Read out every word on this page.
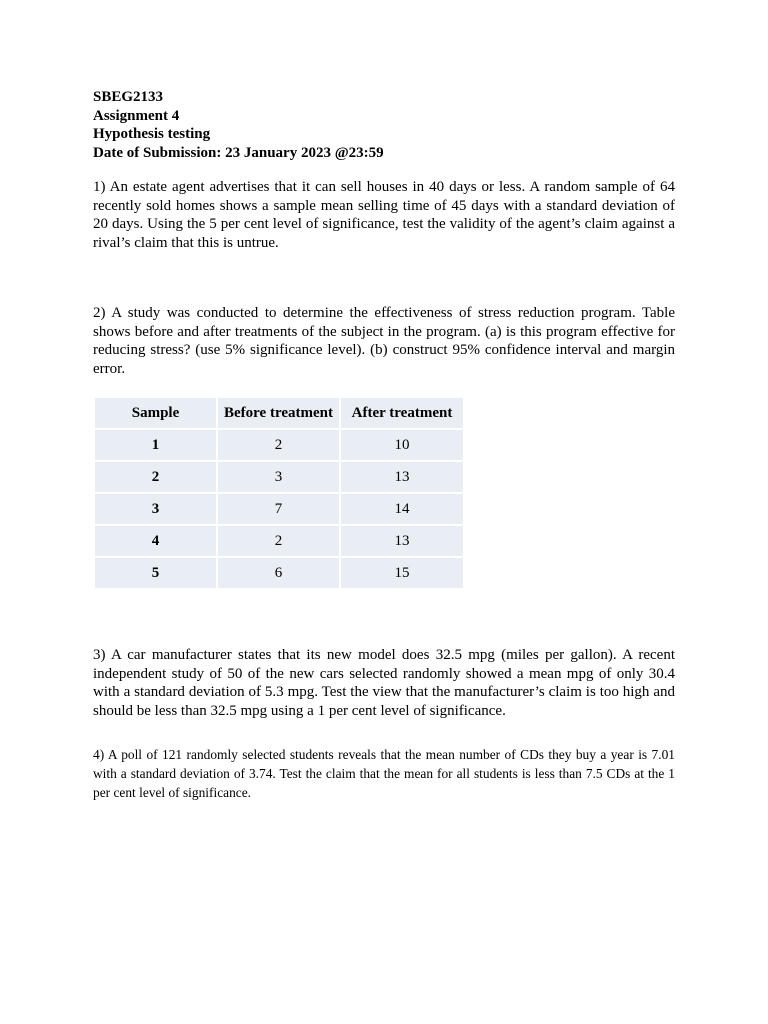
SBEG2133
Assignment 4
Hypothesis testing
Date of Submission: 23 January 2023 @23:59
1) An estate agent advertises that it can sell houses in 40 days or less. A random sample of 64 recently sold homes shows a sample mean selling time of 45 days with a standard deviation of 20 days. Using the 5 per cent level of significance, test the validity of the agent’s claim against a rival’s claim that this is untrue.
2) A study was conducted to determine the effectiveness of stress reduction program. Table shows before and after treatments of the subject in the program. (a) is this program effective for reducing stress? (use 5% significance level). (b) construct 95% confidence interval and margin error.
Sample	Before treatment	After treatment
1	2	10
2	3	13
3	7	14
4	2	13
5	6	15
3) A car manufacturer states that its new model does 32.5 mpg (miles per gallon). A recent independent study of 50 of the new cars selected randomly showed a mean mpg of only 30.4 with a standard deviation of 5.3 mpg. Test the view that the manufacturer’s claim is too high and should be less than 32.5 mpg using a 1 per cent level of significance.
4) A poll of 121 randomly selected students reveals that the mean number of CDs they buy a year is 7.01 with a standard deviation of 3.74. Test the claim that the mean for all students is less than 7.5 CDs at the 1 per cent level of significance.
